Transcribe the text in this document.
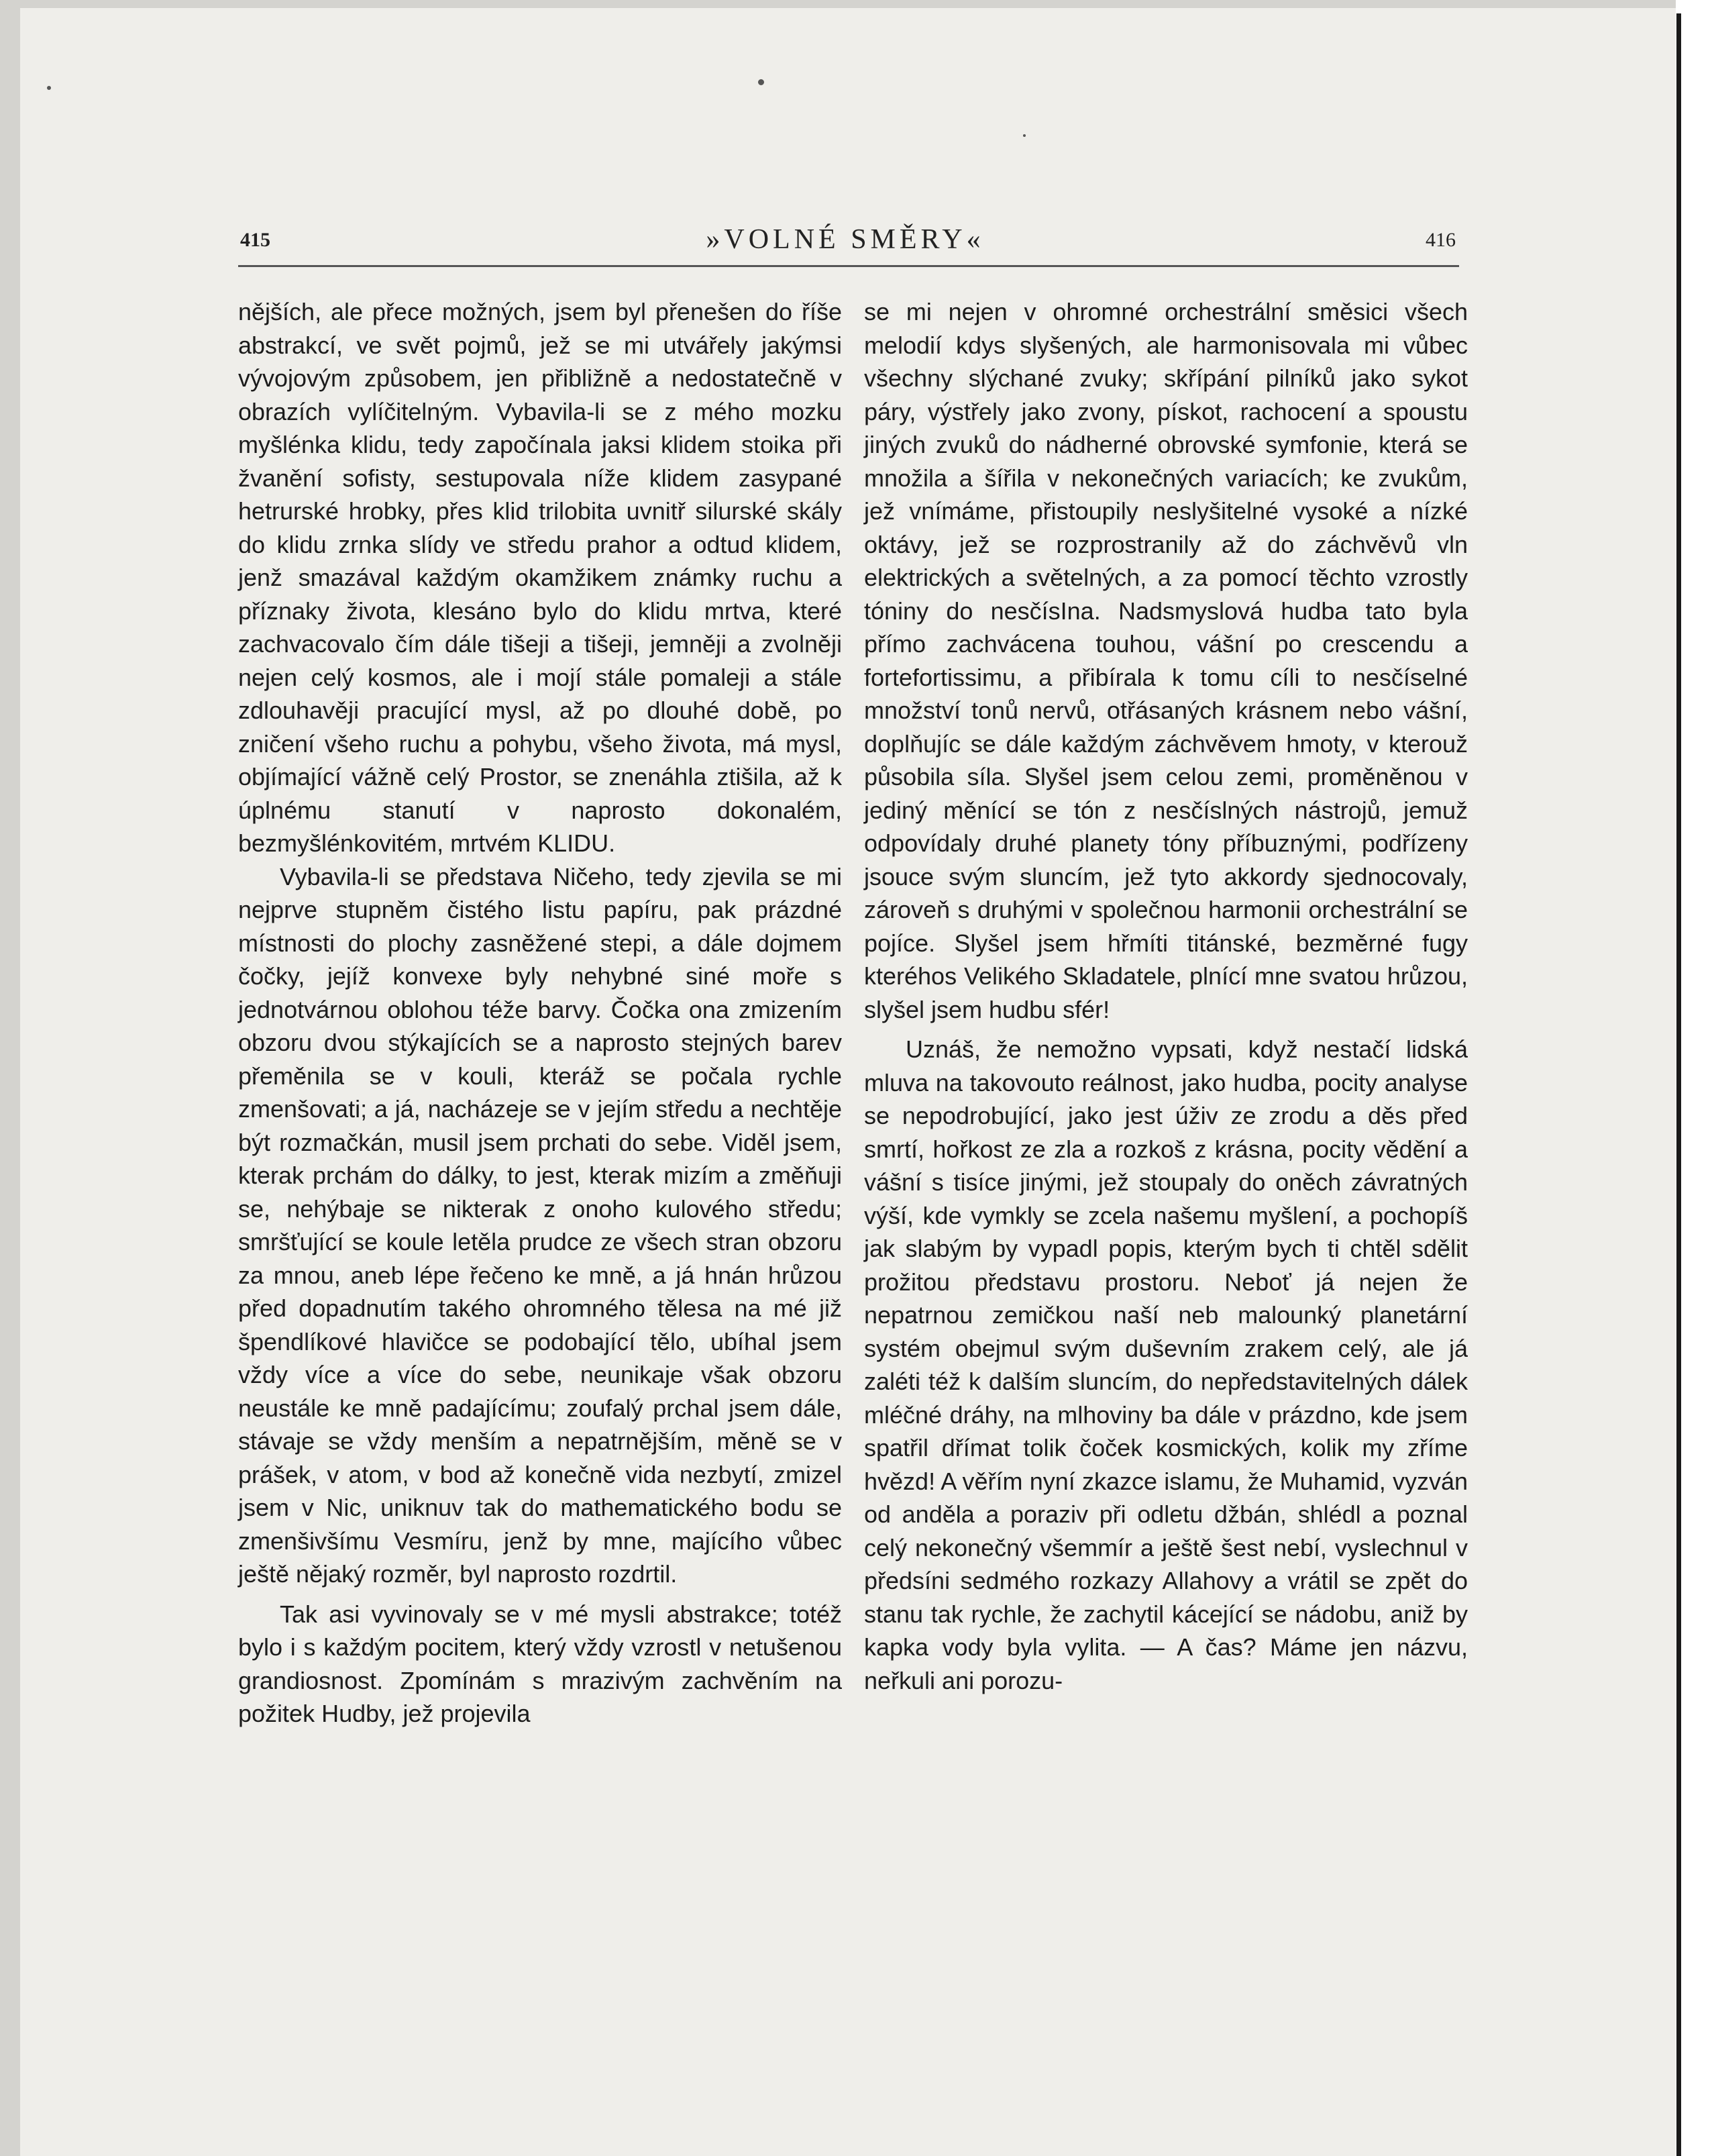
415	»VOLNÉ SMĚRY«	416

nějších, ale přece možných, jsem byl přenešen do říše abstrakcí, ve svět pojmů, jež se mi utvářely jakýmsi vývojovým způsobem, jen přibližně a nedostatečně v obrazích vylíčitelným. Vybavila-li se z mého mozku myšlénka klidu, tedy započínala jaksi klidem stoika při žvanění sofisty, sestupovala níže klidem zasypané hetrurské hrobky, přes klid trilobita uvnitř silurské skály do klidu zrnka slídy ve středu prahor a odtud klidem, jenž smazával každým okamžikem známky ruchu a příznaky života, klesáno bylo do klidu mrtva, které zachvacovalo čím dále tišeji a tišeji, jemněji a zvolněji nejen celý kosmos, ale i mojí stále pomaleji a stále zdlouhavěji pracující mysl, až po dlouhé době, po zničení všeho ruchu a pohybu, všeho života, má mysl, objímající vážně celý Prostor, se znenáhla ztišila, až k úplnému stanutí v naprosto dokonalém, bezmyšlénkovitém, mrtvém KLIDU.

Vybavila-li se představa Ničeho, tedy zjevila se mi nejprve stupněm čistého listu papíru, pak prázdné místnosti do plochy zasněžené stepi, a dále dojmem čočky, jejíž konvexe byly nehybné siné moře s jednotvárnou oblohou téže barvy. Čočka ona zmizením obzoru dvou stýkajících se a naprosto stejných barev přeměnila se v kouli, kteráž se počala rychle zmenšovati; a já, nacházeje se v jejím středu a nechtěje být rozmačkán, musil jsem prchati do sebe. Viděl jsem, kterak prchám do dálky, to jest, kterak mizím a změňuji se, nehýbaje se nikterak z onoho kulového středu; smršťující se koule letěla prudce ze všech stran obzoru za mnou, aneb lépe řečeno ke mně, a já hnán hrůzou před dopadnutím takého ohromného tělesa na mé již špendlíkové hlavičce se podobající tělo, ubíhal jsem vždy více a více do sebe, neunikaje však obzoru neustále ke mně padajícímu; zoufalý prchal jsem dále, stávaje se vždy menším a nepatrnějším, měně se v prášek, v atom, v bod až konečně vida nezbytí, zmizel jsem v Nic, uniknuv tak do mathematického bodu se zmenšivšímu Vesmíru, jenž by mne, majícího vůbec ještě nějaký rozměr, byl naprosto rozdrtil.

Tak asi vyvinovaly se v mé mysli abstrakce; totéž bylo i s každým pocitem, který vždy vzrostl v netušenou grandiosnost. Zpomínám s mrazivým zachvěním na požitek Hudby, jež projevila

se mi nejen v ohromné orchestrální směsici všech melodií kdys slyšených, ale harmonisovala mi vůbec všechny slýchané zvuky; skřípání pilníků jako sykot páry, výstřely jako zvony, pískot, rachocení a spoustu jiných zvuků do nádherné obrovské symfonie, která se množila a šířila v nekonečných variacích; ke zvukům, jež vnímáme, přistoupily neslyšitelné vysoké a nízké oktávy, jež se rozprostranily až do záchvěvů vln elektrických a světelných, a za pomocí těchto vzrostly tóniny do nesčísIna. Nadsmyslová hudba tato byla přímo zachvácena touhou, vášní po crescendu a fortefortissimu, a přibírala k tomu cíli to nesčíselné množství tonů nervů, otřásaných krásnem nebo vášní, doplňujíc se dále každým záchvěvem hmoty, v kterouž působila síla. Slyšel jsem celou zemi, proměněnou v jediný měnící se tón z nesčíslných nástrojů, jemuž odpovídaly druhé planety tóny příbuznými, podřízeny jsouce svým sluncím, jež tyto akkordy sjednocovaly, zároveň s druhými v společnou harmonii orchestrální se pojíce. Slyšel jsem hřmíti titánské, bezměrné fugy kteréhos Velikého Skladatele, plnící mne svatou hrůzou, slyšel jsem hudbu sfér!

Uznáš, že nemožno vypsati, když nestačí lidská mluva na takovouto reálnost, jako hudba, pocity analyse se nepodrobující, jako jest úživ ze zrodu a děs před smrtí, hořkost ze zla a rozkoš z krásna, pocity vědění a vášní s tisíce jinými, jež stoupaly do oněch závratných výší, kde vymkly se zcela našemu myšlení, a pochopíš jak slabým by vypadl popis, kterým bych ti chtěl sdělit prožitou představu prostoru. Neboť já nejen že nepatrnou zemičkou naší neb malounký planetární systém obejmul svým duševním zrakem celý, ale já zaléti též k dalším sluncím, do nepředstavitelných dálek mléčné dráhy, na mlhoviny ba dále v prázdno, kde jsem spatřil dřímat tolik čoček kosmických, kolik my zříme hvězd! A věřím nyní zkazce islamu, že Muhamid, vyzván od anděla a poraziv při odletu džbán, shlédl a poznal celý nekonečný všemmír a ještě šest nebí, vyslechnul v předsíni sedmého rozkazy Allahovy a vrátil se zpět do stanu tak rychle, že zachytil kácející se nádobu, aniž by kapka vody byla vylita. — A čas? Máme jen názvu, neřkuli ani porozu-
